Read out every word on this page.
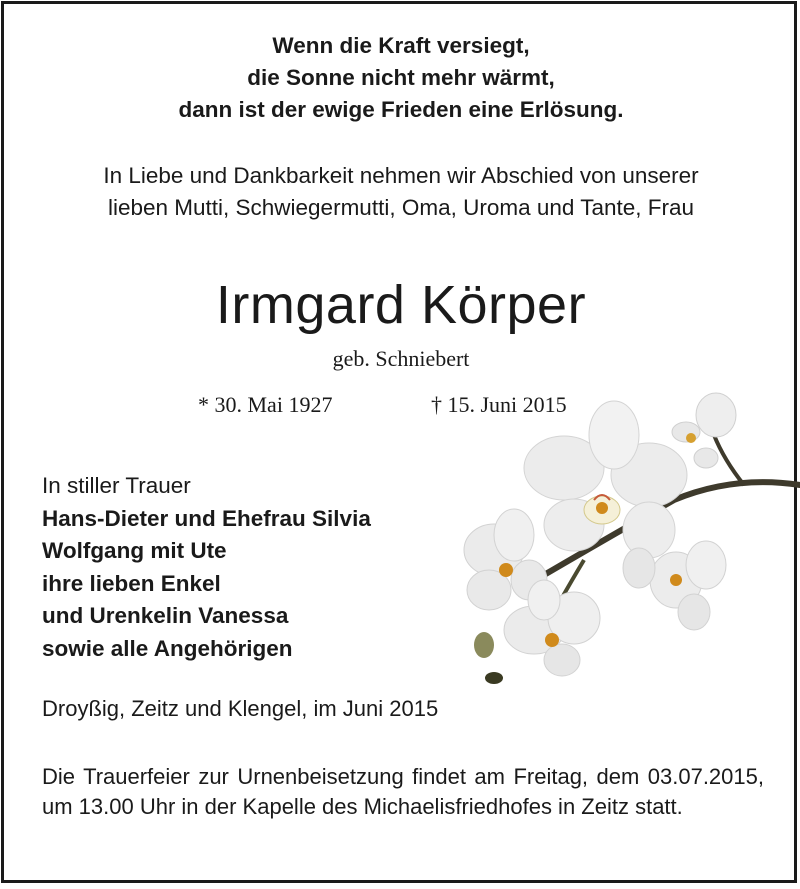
Wenn die Kraft versiegt,
die Sonne nicht mehr wärmt,
dann ist der ewige Frieden eine Erlösung.
In Liebe und Dankbarkeit nehmen wir Abschied von unserer
lieben Mutti, Schwiegermutti, Oma, Uroma und Tante, Frau
Irmgard Körper
geb. Schniebert
* 30. Mai 1927	† 15. Juni 2015
In stiller Trauer
Hans-Dieter und Ehefrau Silvia
Wolfgang mit Ute
ihre lieben Enkel
und Urenkelin Vanessa
sowie alle Angehörigen
Droyßig, Zeitz und Klengel, im Juni 2015
Die Trauerfeier zur Urnenbeisetzung findet am Freitag, dem 03.07.2015, um 13.00 Uhr in der Kapelle des Michaelisfriedhofes in Zeitz statt.
